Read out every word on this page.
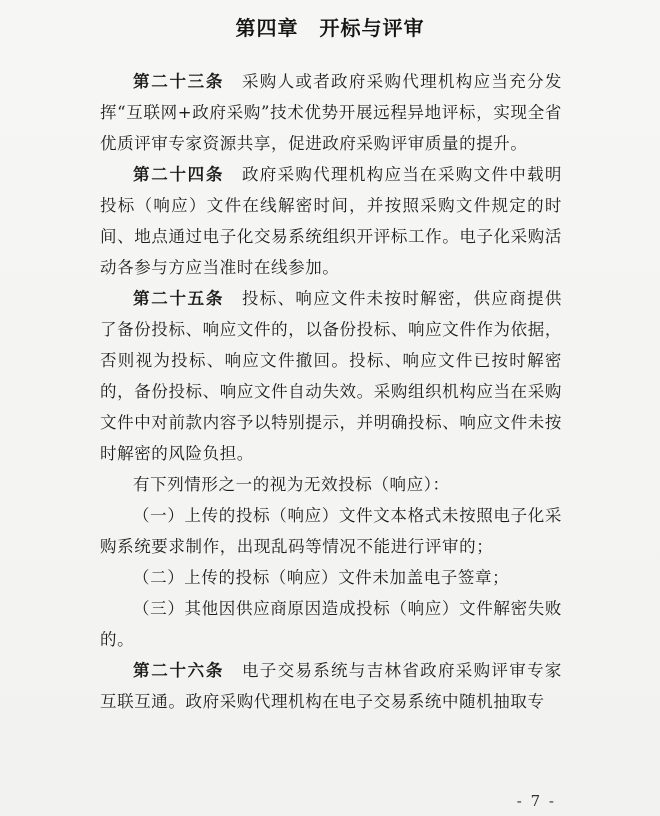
第四章　开标与评审

第二十三条　 采购人或者政府采购代理机构应当充分发挥“互联网+政府采购”技术优势开展远程异地评标，实现全省优质评审专家资源共享，促进政府采购评审质量的提升。

第二十四条　 政府采购代理机构应当在采购文件中载明投标（响应）文件在线解密时间，并按照采购文件规定的时间、地点通过电子化交易系统组织开评标工作。电子化采购活动各参与方应当准时在线参加。

第二十五条　 投标、响应文件未按时解密，供应商提供了备份投标、响应文件的，以备份投标、响应文件作为依据，否则视为投标、响应文件撤回。投标、响应文件已按时解密的，备份投标、响应文件自动失效。采购组织机构应当在采购文件中对前款内容予以特别提示，并明确投标、响应文件未按时解密的风险负担。

有下列情形之一的视为无效投标（响应）：

（一）上传的投标（响应）文件文本格式未按照电子化采购系统要求制作，出现乱码等情况不能进行评审的；

（二）上传的投标（响应）文件未加盖电子签章；

（三）其他因供应商原因造成投标（响应）文件解密失败的。

第二十六条　 电子交易系统与吉林省政府采购评审专家互联互通。政府采购代理机构在电子交易系统中随机抽取专

- 7 -
